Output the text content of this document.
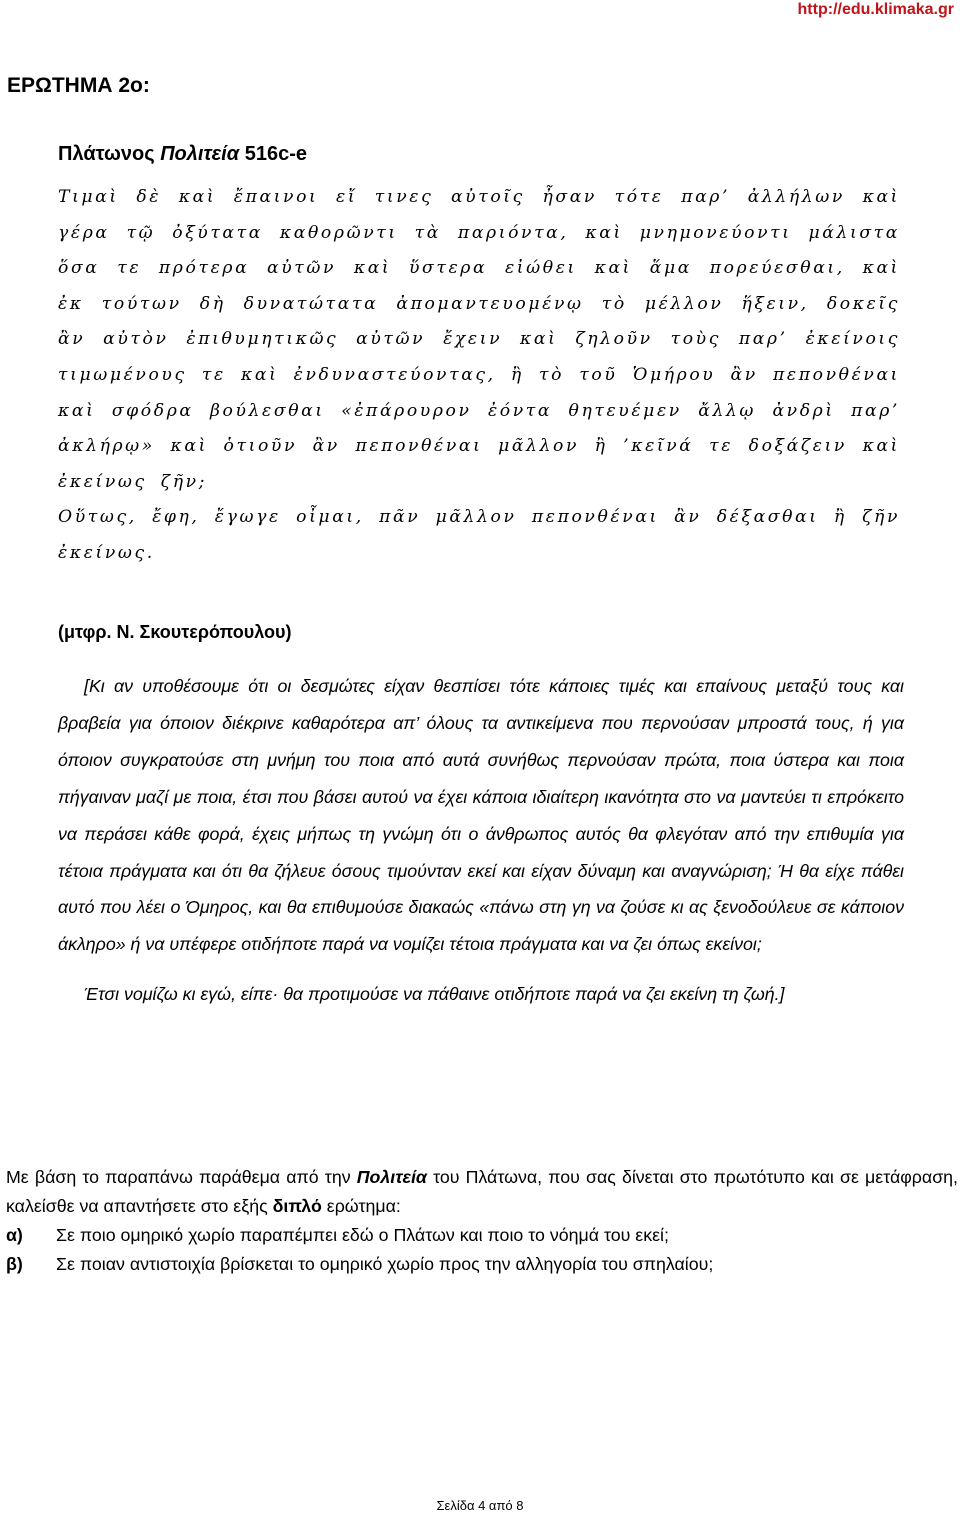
http://edu.klimaka.gr
ΕΡΩΤΗΜΑ 2ο:
Πλάτωνος Πολιτεία 516c-e

Τιμαὶ δὲ καὶ ἔπαινοι εἴ τινες αὐτοῖς ἦσαν τότε παρ’ ἀλλήλων καὶ γέρα τῷ ὀξύτατα καθορῶντι τὰ παριόντα, καὶ μνημονεύοντι μάλιστα ὅσα τε πρότερα αὐτῶν καὶ ὕστερα εἰώθει καὶ ἅμα πορεύεσθαι, καὶ ἐκ τούτων δὴ δυνατώτατα ἀπομαντευομένῳ τὸ μέλλον ἥξειν, δοκεῖς ἂν αὐτὸν ἐπιθυμητικῶς αὐτῶν ἔχειν καὶ ζηλοῦν τοὺς παρ’ ἐκείνοις τιμωμένους τε καὶ ἐνδυναστεύοντας, ἢ τὸ τοῦ Ὁμήρου ἂν πεπονθέναι καὶ σφόδρα βούλεσθαι «ἐπάρουρον ἐόντα θητευέμεν ἄλλῳ ἀνδρὶ παρ’ ἀκλήρῳ» καὶ ὁτιοῦν ἂν πεπονθέναι μᾶλλον ἢ ’κεῖνά τε δοξάζειν καὶ ἐκείνως ζῆν;

Οὕτως, ἔφη, ἔγωγε οἶμαι, πᾶν μᾶλλον πεπονθέναι ἂν δέξασθαι ἢ ζῆν ἐκείνως.

(μτφρ. Ν. Σκουτερόπουλου)

[Κι αν υποθέσουμε ότι οι δεσμώτες είχαν θεσπίσει τότε κάποιες τιμές και επαίνους μεταξύ τους και βραβεία για όποιον διέκρινε καθαρότερα απ’ όλους τα αντικείμενα που περνούσαν μπροστά τους, ή για όποιον συγκρατούσε στη μνήμη του ποια από αυτά συνήθως περνούσαν πρώτα, ποια ύστερα και ποια πήγαιναν μαζί με ποια, έτσι που βάσει αυτού να έχει κάποια ιδιαίτερη ικανότητα στο να μαντεύει τι επρόκειτο να περάσει κάθε φορά, έχεις μήπως τη γνώμη ότι ο άνθρωπος αυτός θα φλεγόταν από την επιθυμία για τέτοια πράγματα και ότι θα ζήλευε όσους τιμούνταν εκεί και είχαν δύναμη και αναγνώριση; Ή θα είχε πάθει αυτό που λέει ο Όμηρος, και θα επιθυμούσε διακαώς «πάνω στη γη να ζούσε κι ας ξενοδούλευε σε κάποιον άκληρο» ή να υπέφερε οτιδήποτε παρά να νομίζει τέτοια πράγματα και να ζει όπως εκείνοι;

Έτσι νομίζω κι εγώ, είπε· θα προτιμούσε να πάθαινε οτιδήποτε παρά να ζει εκείνη τη ζωή.]

Με βάση το παραπάνω παράθεμα από την Πολιτεία του Πλάτωνα, που σας δίνεται στο πρωτότυπο και σε μετάφραση, καλείσθε να απαντήσετε στο εξής διπλό ερώτημα:

α)	Σε ποιο ομηρικό χωρίο παραπέμπει εδώ ο Πλάτων και ποιο το νόημά του εκεί;

β)	Σε ποιαν αντιστοιχία βρίσκεται το ομηρικό χωρίο προς την αλληγορία του σπηλαίου;

Σελίδα 4 από 8
